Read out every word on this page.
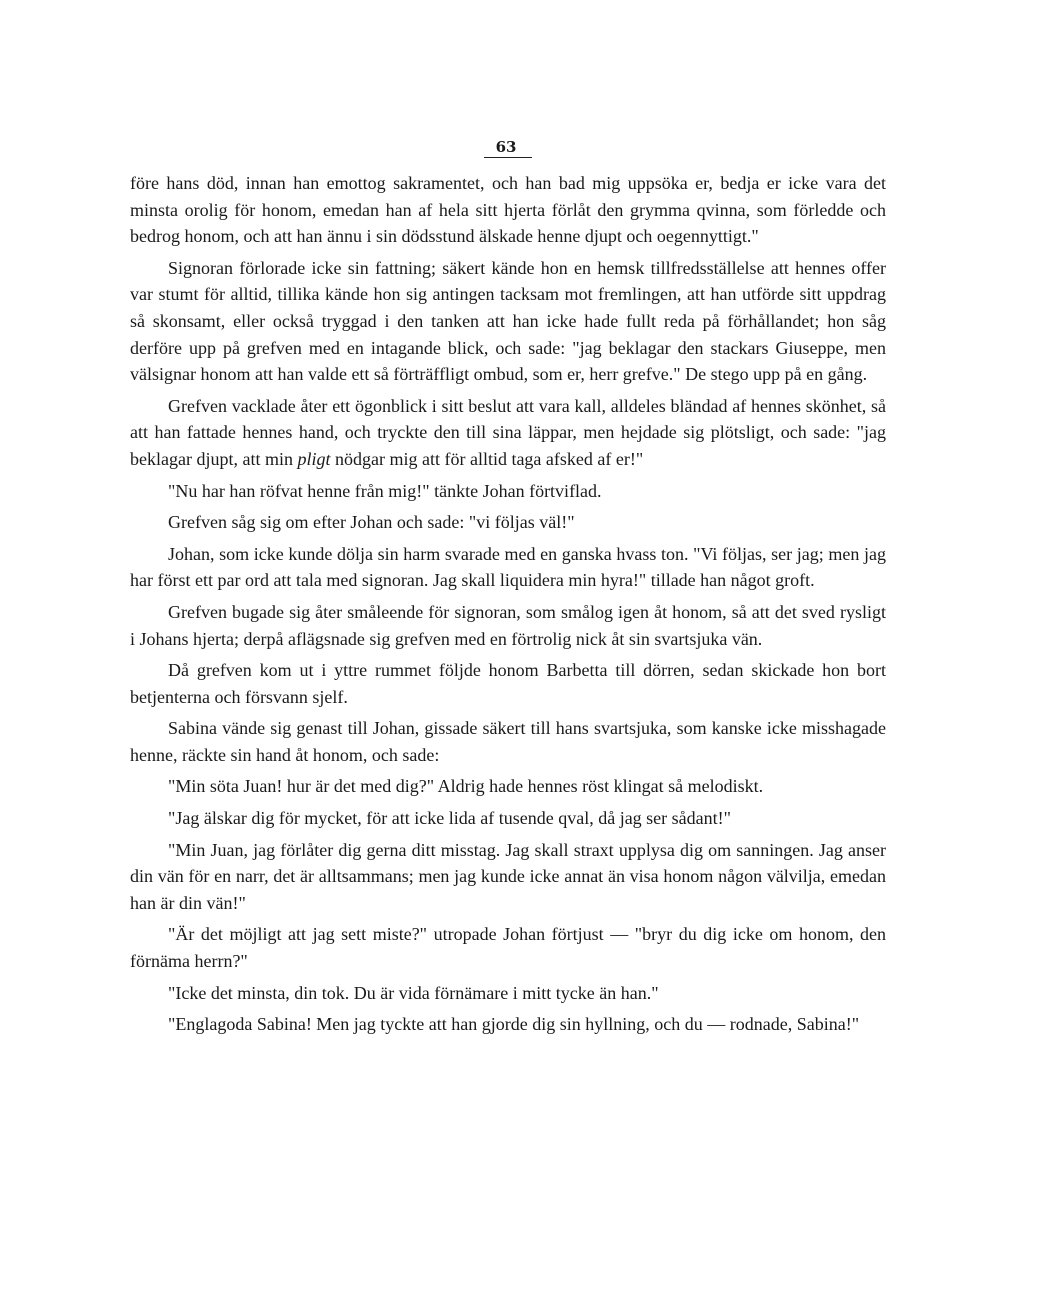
63

före hans död, innan han emottog sakramentet, och han bad mig uppsöka er, bedja er icke vara det minsta orolig för honom, emedan han af hela sitt hjerta förlåt den grymma qvinna, som förledde och bedrog honom, och att han ännu i sin dödsstund älskade henne djupt och oegennyttigt."

Signoran förlorade icke sin fattning; säkert kände hon en hemsk tillfredsställelse att hennes offer var stumt för alltid, tillika kände hon sig antingen tacksam mot fremlingen, att han utförde sitt uppdrag så skonsamt, eller också tryggad i den tanken att han icke hade fullt reda på förhållandet; hon såg derföre upp på grefven med en intagande blick, och sade: "jag beklagar den stackars Giuseppe, men välsignar honom att han valde ett så förträffligt ombud, som er, herr grefve." De stego upp på en gång.

Grefven vacklade åter ett ögonblick i sitt beslut att vara kall, alldeles bländad af hennes skönhet, så att han fattade hennes hand, och tryckte den till sina läppar, men hejdade sig plötsligt, och sade: "jag beklagar djupt, att min pligt nödgar mig att för alltid taga afsked af er!"

"Nu har han röfvat henne från mig!" tänkte Johan förtviflad.

Grefven såg sig om efter Johan och sade: "vi följas väl!"

Johan, som icke kunde dölja sin harm svarade med en ganska hvass ton. "Vi följas, ser jag; men jag har först ett par ord att tala med signoran. Jag skall liquidera min hyra!" tillade han något groft.

Grefven bugade sig åter småleende för signoran, som smålog igen åt honom, så att det sved rysligt i Johans hjerta; derpå aflägsnade sig grefven med en förtrolig nick åt sin svartsjuka vän.

Då grefven kom ut i yttre rummet följde honom Barbetta till dörren, sedan skickade hon bort betjenterna och försvann sjelf.

Sabina vände sig genast till Johan, gissade säkert till hans svartsjuka, som kanske icke misshagade henne, räckte sin hand åt honom, och sade:

"Min söta Juan! hur är det med dig?" Aldrig hade hennes röst klingat så melodiskt.

"Jag älskar dig för mycket, för att icke lida af tusende qval, då jag ser sådant!"

"Min Juan, jag förlåter dig gerna ditt misstag. Jag skall straxt upplysa dig om sanningen. Jag anser din vän för en narr, det är alltsammans; men jag kunde icke annat än visa honom någon välvilja, emedan han är din vän!"

"Är det möjligt att jag sett miste?" utropade Johan förtjust — "bryr du dig icke om honom, den förnäma herrn?"

"Icke det minsta, din tok. Du är vida förnämare i mitt tycke än han."

"Englagoda Sabina! Men jag tyckte att han gjorde dig sin hyllning, och du — rodnade, Sabina!"
